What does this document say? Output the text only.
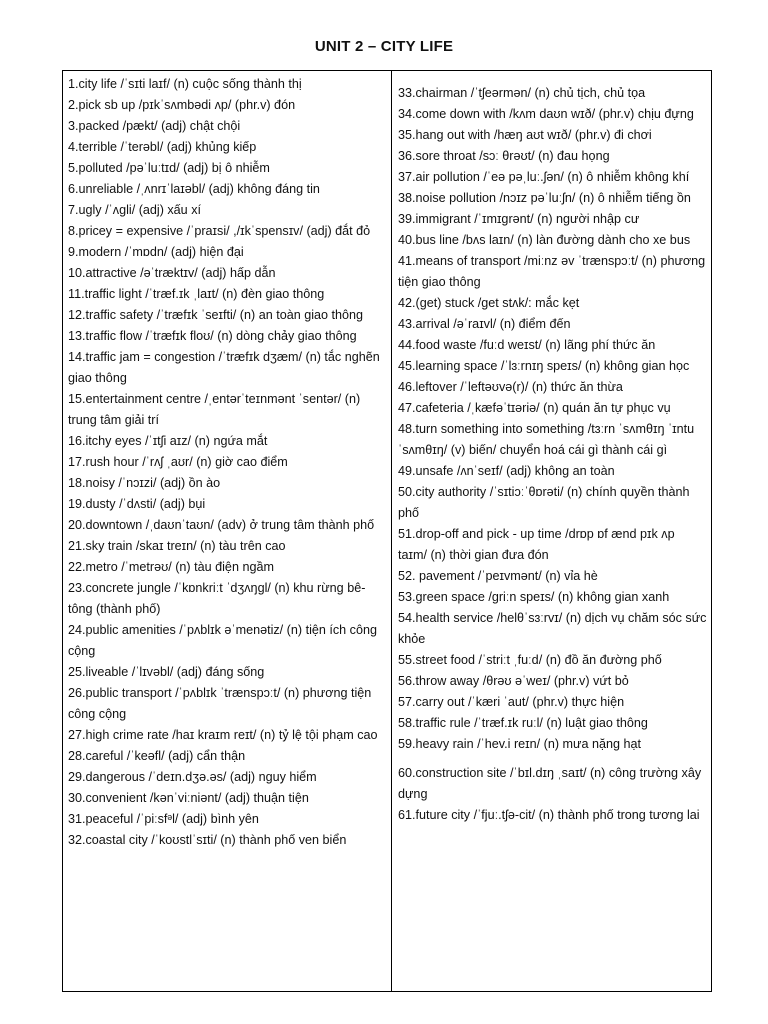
UNIT 2 – CITY LIFE

1.city life /ˈsɪti laɪf/ (n) cuộc sống thành thị

2.pick sb up /pɪkˈsʌmbədi ʌp/ (phr.v) đón

3.packed /pækt/ (adj) chật chội

4.terrible /ˈterəbl/ (adj) khủng kiếp

5.polluted /pəˈluːtɪd/ (adj) bị ô nhiễm

6.unreliable /ˌʌnrɪˈlaɪəbl/ (adj) không đáng tin

7.ugly /ˈʌgli/ (adj) xấu xí

8.pricey = expensive /ˈpraɪsi/ ,/ɪkˈspensɪv/ (adj) đắt đỏ

9.modern /ˈmɒdn/ (adj) hiện đại

10.attractive /əˈtræktɪv/ (adj) hấp dẫn

11.traffic light /ˈtræf.ɪk ˌlaɪt/ (n) đèn giao thông

12.traffic safety /ˈtræfɪk ˈseɪfti/ (n) an toàn giao thông

13.traffic flow /ˈtræfɪk floʊ/ (n) dòng chảy giao thông

14.traffic jam = congestion /ˈtræfɪk dʒæm/ (n) tắc nghẽn giao thông

15.entertainment centre /ˌentərˈteɪnmənt ˈsentər/ (n) trung tâm giải trí

16.itchy eyes /ˈɪtʃi aɪz/ (n) ngứa mắt

17.rush hour /ˈrʌʃ ˌaʊr/ (n) giờ cao điểm

18.noisy /ˈnɔɪzi/ (adj) ồn ào

19.dusty /ˈdʌsti/ (adj) bụi

20.downtown /ˌdaʊnˈtaʊn/ (adv) ở trung tâm thành phố

21.sky train /skaɪ treɪn/ (n) tàu trên cao

22.metro /ˈmetrəʊ/ (n) tàu điện ngầm

23.concrete jungle /ˈkɒnkriːt ˈdʒʌŋgl/ (n) khu rừng bê-tông (thành phố)

24.public amenities /ˈpʌblɪk əˈmenətiz/ (n) tiện ích công cộng

25.liveable /ˈlɪvəbl/ (adj) đáng sống

26.public transport /ˈpʌblɪk ˈtrænspɔːt/ (n) phương tiện công cộng

27.high crime rate /haɪ kraɪm reɪt/ (n) tỷ lệ tội phạm cao

28.careful /ˈkeəfl/ (adj) cẩn thận

29.dangerous /ˈdeɪn.dʒə.əs/ (adj) nguy hiểm

30.convenient /kənˈviːniənt/ (adj) thuận tiện

31.peaceful /ˈpiːsfᵊl/ (adj) bình yên

32.coastal city /ˈkoʊstlˈsɪti/ (n) thành phố ven biển

33.chairman /ˈtʃeərmən/ (n) chủ tịch, chủ tọa

34.come down with /kʌm daʊn wɪð/ (phr.v) chịu đựng

35.hang out with /hæŋ aʊt wɪð/ (phr.v) đi chơi

36.sore throat /sɔː θrəʊt/ (n) đau họng

37.air pollution /ˈeə pəˌluː.ʃən/ (n) ô nhiễm không khí

38.noise pollution /nɔɪz pəˈluːʃn/ (n) ô nhiễm tiếng ồn

39.immigrant /ˈɪmɪgrənt/ (n) người nhập cư

40.bus line /bʌs laɪn/ (n) làn đường dành cho xe bus

41.means of transport /miːnz əv ˈtrænspɔːt/ (n) phương tiện giao thông

42.(get) stuck /get stʌk/: mắc kẹt

43.arrival /əˈraɪvl/ (n) điểm đến

44.food waste /fuːd weɪst/ (n) lãng phí thức ăn

45.learning space /ˈlɜːrnɪŋ speɪs/ (n) không gian học

46.leftover /ˈleftəʊvə(r)/ (n) thức ăn thừa

47.cafeteria /ˌkæfəˈtɪəriə/ (n) quán ăn tự phục vụ

48.turn something into something /tɜːrn ˈsʌmθɪŋ ˈɪntu ˈsʌmθɪŋ/ (v) biến/ chuyển hoá cái gì thành cái gì

49.unsafe /ʌnˈseɪf/ (adj) không an toàn

50.city authority /ˈsɪtiɔːˈθɒrəti/ (n) chính quyền thành phố

51.drop-off and pick - up time /drɒp ɒf ænd pɪk ʌp taɪm/ (n) thời gian đưa đón

52. pavement /ˈpeɪvmənt/ (n) vỉa hè

53.green space /griːn speɪs/ (n) không gian xanh

54.health service /helθˈsɜːrvɪ/ (n) dịch vụ chăm sóc sức khỏe

55.street food /ˈstriːt ˌfuːd/ (n) đồ ăn đường phố

56.throw away /θrəʊ əˈweɪ/ (phr.v) vứt bỏ

57.carry out /ˈkæri ˈaut/ (phr.v) thực hiện

58.traffic rule /ˈtræf.ɪk ruːl/ (n) luật giao thông

59.heavy rain /ˈhev.i reɪn/ (n) mưa nặng hạt

60.construction site /ˈbɪl.dɪŋ ˌsaɪt/ (n) công trường xây dựng

61.future city /ˈfjuː.tʃə-cit/ (n) thành phố trong tương lai
